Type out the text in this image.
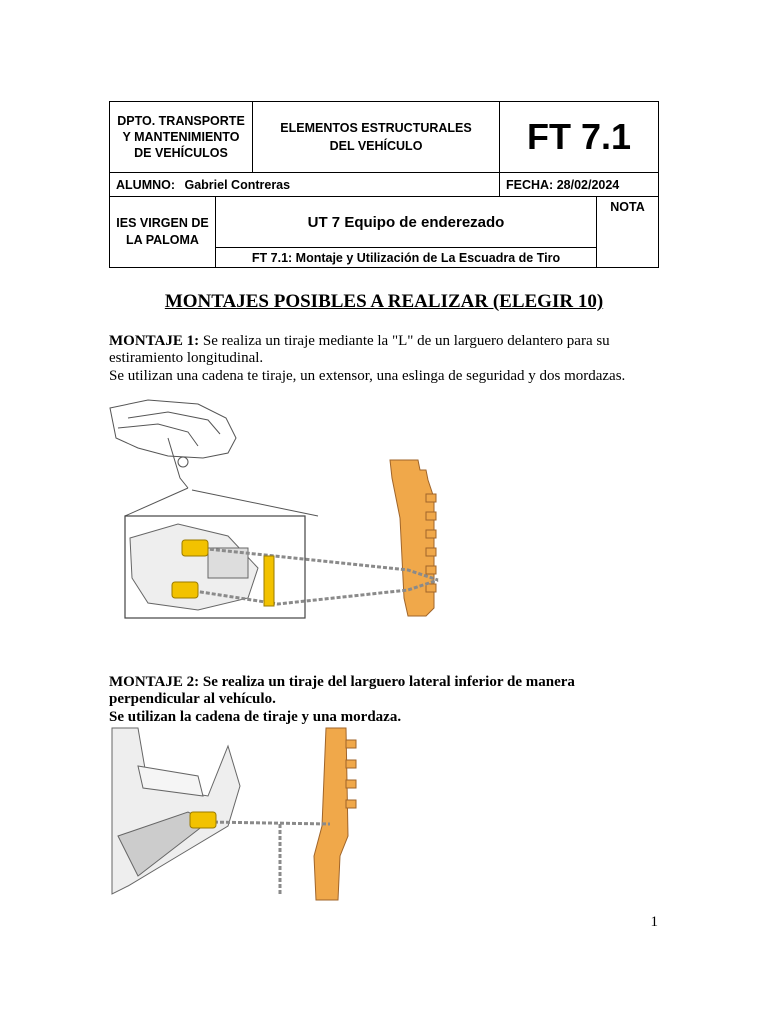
DPTO. TRANSPORTE Y MANTENIMIENTO DE VEHÍCULOS
ELEMENTOS ESTRUCTURALES DEL VEHÍCULO	FT 7.1
ALUMNO: Gabriel Contreras	FECHA: 28/02/2024
IES VIRGEN DE LA PALOMA
UT 7 Equipo de enderezado
FT 7.1: Montaje y Utilización de La Escuadra de Tiro
NOTA
MONTAJES POSIBLES A REALIZAR (ELEGIR 10)
MONTAJE 1: Se realiza un tiraje mediante la "L" de un larguero delantero para su estiramiento longitudinal.
Se utilizan una cadena te tiraje, un extensor, una eslinga de seguridad y dos mordazas.
MONTAJE 2: Se realiza un tiraje del larguero lateral inferior de manera perpendicular al vehículo.
Se utilizan la cadena de tiraje y una mordaza.
1
